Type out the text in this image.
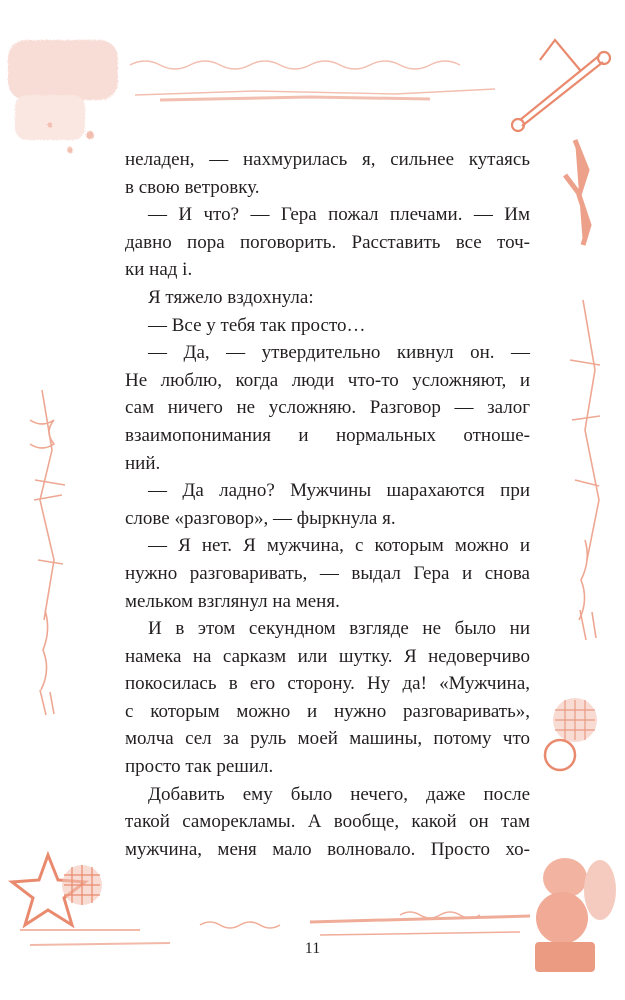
неладен, — нахмурилась я, сильнее кутаясь

в свою ветровку.

— И что? — Гера пожал плечами. — Им

давно пора поговорить. Расставить все точ-

ки над i.

Я тяжело вздохнула:

— Все у тебя так просто…

— Да, — утвердительно кивнул он. —

Не люблю, когда люди что-то усложняют, и

сам ничего не усложняю. Разговор — залог

взаимопонимания и нормальных отноше-

ний.

— Да ладно? Мужчины шарахаются при

слове «разговор», — фыркнула я.

— Я нет. Я мужчина, с которым можно и

нужно разговаривать, — выдал Гера и снова

мельком взглянул на меня.

И в этом секундном взгляде не было ни

намека на сарказм или шутку. Я недоверчиво

покосилась в его сторону. Ну да! «Мужчина,

с которым можно и нужно разговаривать»,

молча сел за руль моей машины, потому что

просто так решил.

Добавить ему было нечего, даже после

такой саморекламы. А вообще, какой он там

мужчина, меня мало волновало. Просто хо-

11
